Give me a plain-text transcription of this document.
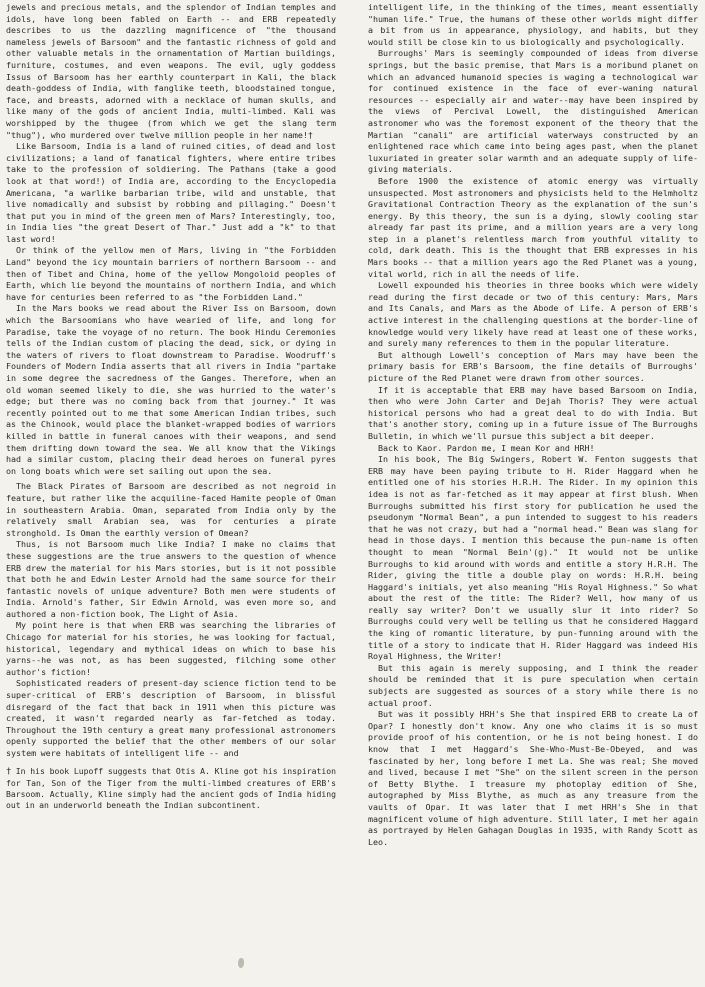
jewels and precious metals, and the splendor of Indian temples and idols, have long been fabled on Earth -- and ERB repeatedly describes to us the dazzling magnificence of "the thousand nameless jewels of Barsoom" and the fantastic richness of gold and other valuable metals in the ornamentation of Martian buildings, furniture, costumes, and even weapons. The evil, ugly goddess Issus of Barsoom has her earthly counterpart in Kali, the black death-goddess of India, with fanglike teeth, bloodstained tongue, face, and breasts, adorned with a necklace of human skulls, and like many of the gods of ancient India, multi-limbed. Kali was worshipped by the thugee (from which we get the slang term "thug"), who murdered over twelve million people in her name!†

Like Barsoom, India is a land of ruined cities, of dead and lost civilizations; a land of fanatical fighters, where entire tribes take to the profession of soldiering. The Pathans (take a good look at that word!) of India are, according to the Encyclopedia Americana, "a warlike barbarian tribe, wild and unstable, that live nomadically and subsist by robbing and pillaging." Doesn't that put you in mind of the green men of Mars? Interestingly, too, in India lies "the great Desert of Thar." Just add a "k" to that last word!

Or think of the yellow men of Mars, living in "the Forbidden Land" beyond the icy mountain barriers of northern Barsoom -- and then of Tibet and China, home of the yellow Mongoloid peoples of Earth, which lie beyond the mountains of northern India, and which have for centuries been referred to as "the Forbidden Land."

In the Mars books we read about the River Iss on Barsoom, down which the Barsoomians who have wearied of life, and long for Paradise, take the voyage of no return. The book Hindu Ceremonies tells of the Indian custom of placing the dead, sick, or dying in the waters of rivers to float downstream to Paradise. Woodruff's Founders of Modern India asserts that all rivers in India "partake in some degree the sacredness of the Ganges. Therefore, when an old woman seemed likely to die, she was hurried to the water's edge; but there was no coming back from that journey." It was recently pointed out to me that some American Indian tribes, such as the Chinook, would place the blanket-wrapped bodies of warriors killed in battle in funeral canoes with their weapons, and send them drifting down toward the sea. We all know that the Vikings had a similar custom, placing their dead heroes on funeral pyres on long boats which were set sailing out upon the sea.

The Black Pirates of Barsoom are described as not negroid in feature, but rather like the acquiline-faced Hamite people of Oman in southeastern Arabia. Oman, separated from India only by the relatively small Arabian sea, was for centuries a pirate stronghold. Is Oman the earthly version of Omean?

Thus, is not Barsoom much like India? I make no claims that these suggestions are the true answers to the question of whence ERB drew the material for his Mars stories, but is it not possible that both he and Edwin Lester Arnold had the same source for their fantastic novels of unique adventure? Both men were students of India. Arnold's father, Sir Edwin Arnold, was even more so, and authored a non-fiction book, The Light of Asia.

My point here is that when ERB was searching the libraries of Chicago for material for his stories, he was looking for factual, historical, legendary and mythical ideas on which to base his yarns--he was not, as has been suggested, filching some other author's fiction!

Sophisticated readers of present-day science fiction tend to be super-critical of ERB's description of Barsoom, in blissful disregard of the fact that back in 1911 when this picture was created, it wasn't regarded nearly as far-fetched as today. Throughout the 19th century a great many professional astronomers openly supported the belief that the other members of our solar system were habitats of intelligent life -- and

† In his book Lupoff suggests that Otis A. Kline got his inspiration for Tan, Son of the Tiger from the multi-limbed creatures of ERB's Barsoom. Actually, Kline simply had the ancient gods of India hiding out in an underworld beneath the Indian subcontinent.

intelligent life, in the thinking of the times, meant essentially "human life." True, the humans of these other worlds might differ a bit from us in appearance, physiology, and habits, but they would still be close kin to us biologically and psychologically.

Burroughs' Mars is seemingly compounded of ideas from diverse springs, but the basic premise, that Mars is a moribund planet on which an advanced humanoid species is waging a technological war for continued existence in the face of ever-waning natural resources -- especially air and water--may have been inspired by the views of Percival Lowell, the distinguished American astronomer who was the foremost exponent of the theory that the Martian "canali" are artificial waterways constructed by an enlightened race which came into being ages past, when the planet luxuriated in greater solar warmth and an adequate supply of life-giving materials.

Before 1900 the existence of atomic energy was virtually unsuspected. Most astronomers and physicists held to the Helmholtz Gravitational Contraction Theory as the explanation of the sun's energy. By this theory, the sun is a dying, slowly cooling star already far past its prime, and a million years are a very long step in a planet's relentless march from youthful vitality to cold, dark death. This is the thought that ERB expresses in his Mars books -- that a million years ago the Red Planet was a young, vital world, rich in all the needs of life.

Lowell expounded his theories in three books which were widely read during the first decade or two of this century: Mars, Mars and Its Canals, and Mars as the Abode of Life. A person of ERB's active interest in the challenging questions at the border-line of knowledge would very likely have read at least one of these works, and surely many references to them in the popular literature.

But although Lowell's conception of Mars may have been the primary basis for ERB's Barsoom, the fine details of Burroughs' picture of the Red Planet were drawn from other sources.

If it is acceptable that ERB may have based Barsoom on India, then who were John Carter and Dejah Thoris? They were actual historical persons who had a great deal to do with India. But that's another story, coming up in a future issue of The Burroughs Bulletin, in which we'll pursue this subject a bit deeper.

Back to Kaor. Pardon me, I mean Kor and HRH!

In his book, The Big Swingers, Robert W. Fenton suggests that ERB may have been paying tribute to H. Rider Haggard when he entitled one of his stories H.R.H. The Rider. In my opinion this idea is not as far-fetched as it may appear at first blush. When Burroughs submitted his first story for publication he used the pseudonym "Normal Bean", a pun intended to suggest to his readers that he was not crazy, but had a "normal head." Bean was slang for head in those days. I mention this because the pun-name is often thought to mean "Normal Bein'(g)." It would not be unlike Burroughs to kid around with words and entitle a story H.R.H. The Rider, giving the title a double play on words: H.R.H. being Haggard's initials, yet also meaning "His Royal Highness." So what about the rest of the title: The Rider? Well, how many of us really say writer? Don't we usually slur it into rider? So Burroughs could very well be telling us that he considered Haggard the king of romantic literature, by pun-funning around with the title of a story to indicate that H. Rider Haggard was indeed His Royal Highness, the Writer!

But this again is merely supposing, and I think the reader should be reminded that it is pure speculation when certain subjects are suggested as sources of a story while there is no actual proof.

But was it possibly HRH's She that inspired ERB to create La of Opar? I honestly don't know. Any one who claims it is so must provide proof of his contention, or he is not being honest. I do know that I met Haggard's She-Who-Must-Be-Obeyed, and was fascinated by her, long before I met La. She was real; She moved and lived, because I met "She" on the silent screen in the person of Betty Blythe. I treasure my photoplay edition of She, autographed by Miss Blythe, as much as any treasure from the vaults of Opar. It was later that I met HRH's She in that magnificent volume of high adventure. Still later, I met her again as portrayed by Helen Gahagan Douglas in 1935, with Randy Scott as Leo.
